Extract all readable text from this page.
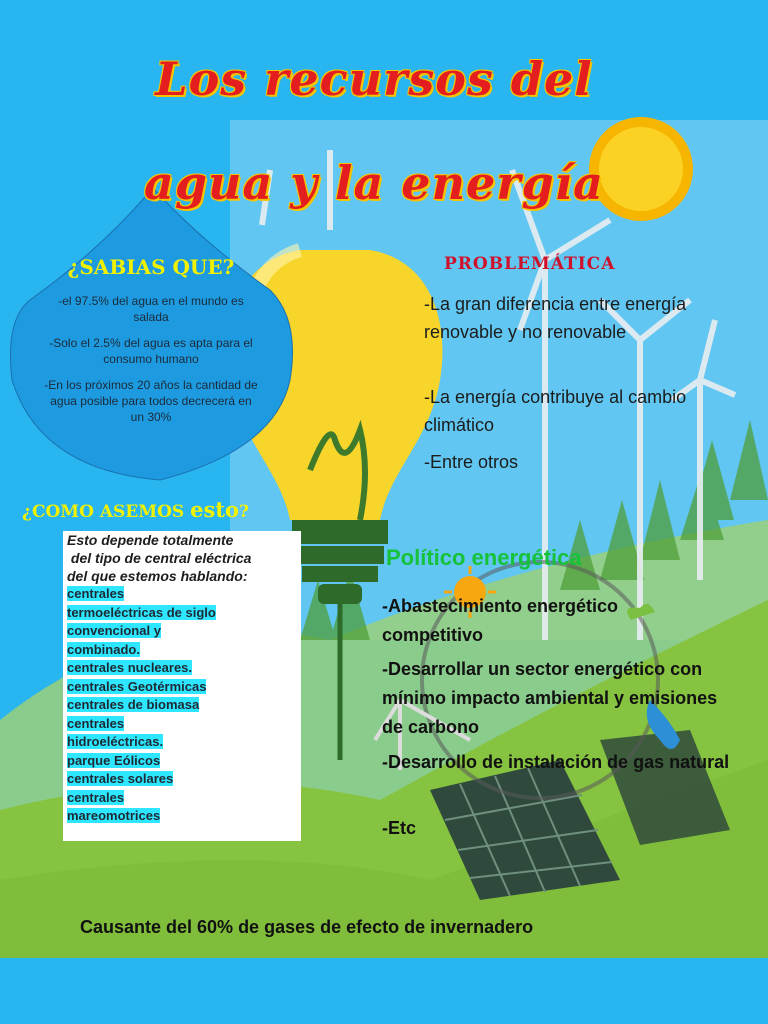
Los recursos del
agua y la energía
¿SABIAS QUE?
-el 97.5% del agua en el mundo es salada
-Solo el 2.5% del agua es apta para el consumo humano
-En los próximos 20 años la cantidad de agua posible para todos decrecerá en un 30%
¿COMO ASEMOS esto?
Esto depende totalmente
del tipo de central eléctrica
del que estemos hablando:
centrales
termoeléctricas de siglo
convencional y
combinado.
centrales nucleares.
centrales Geotérmicas
centrales de biomasa
centrales
hidroeléctricas.
parque Eólicos
centrales solares
centrales
mareomotrices
PROBLEMÁTICA
-La gran diferencia entre energía renovable y no renovable
-La energía contribuye al cambio climático
-Entre otros
Político energética
-Abastecimiento energético competitivo
-Desarrollar un sector energético con mínimo impacto ambiental y emisiones de carbono
-Desarrollo de instalación de gas natural
-Etc
Causante del 60% de gases de efecto de invernadero
